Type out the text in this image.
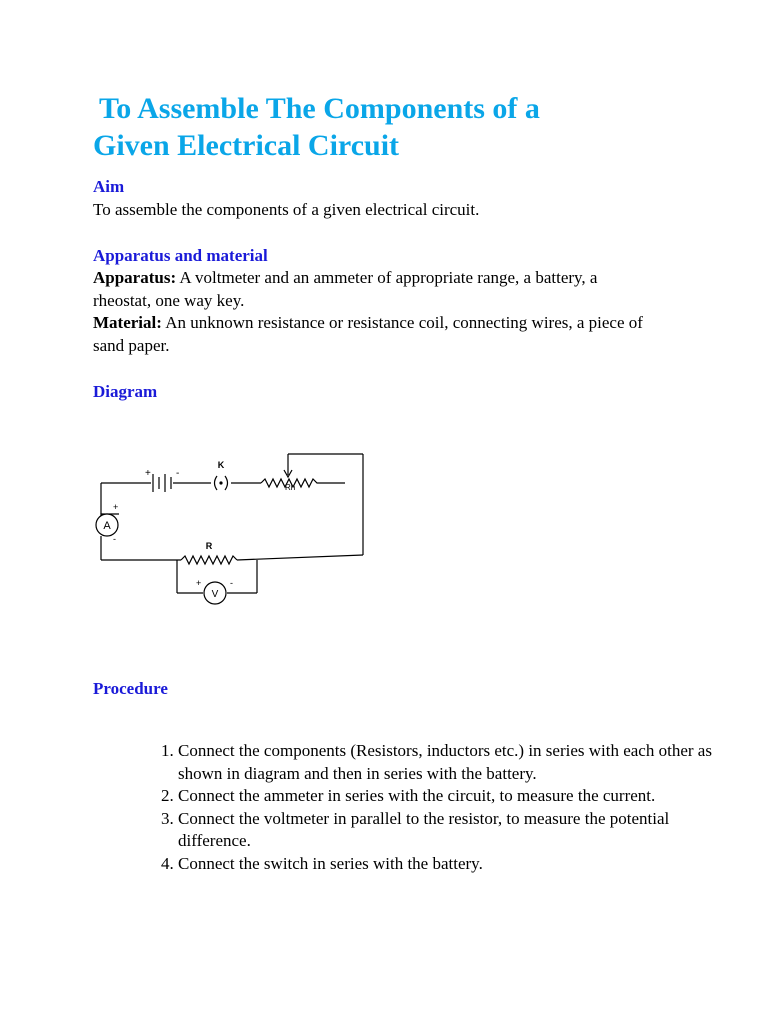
To Assemble The Components of a
Given Electrical Circuit
Aim

To assemble the components of a given electrical circuit.

Apparatus and material

Apparatus: A voltmeter and an ammeter of appropriate range, a battery, a rheostat, one way key.

Material: An unknown resistance or resistance coil, connecting wires, a piece of sand paper.

Diagram
A
+
-
V
+	-
+	-
K
Rh
R
Procedure
1. Connect the components (Resistors, inductors etc.) in series with each other as shown in diagram and then in series with the battery.
2. Connect the ammeter in series with the circuit, to measure the current.
3. Connect the voltmeter in parallel to the resistor, to measure the potential difference.
4. Connect the switch in series with the battery.
